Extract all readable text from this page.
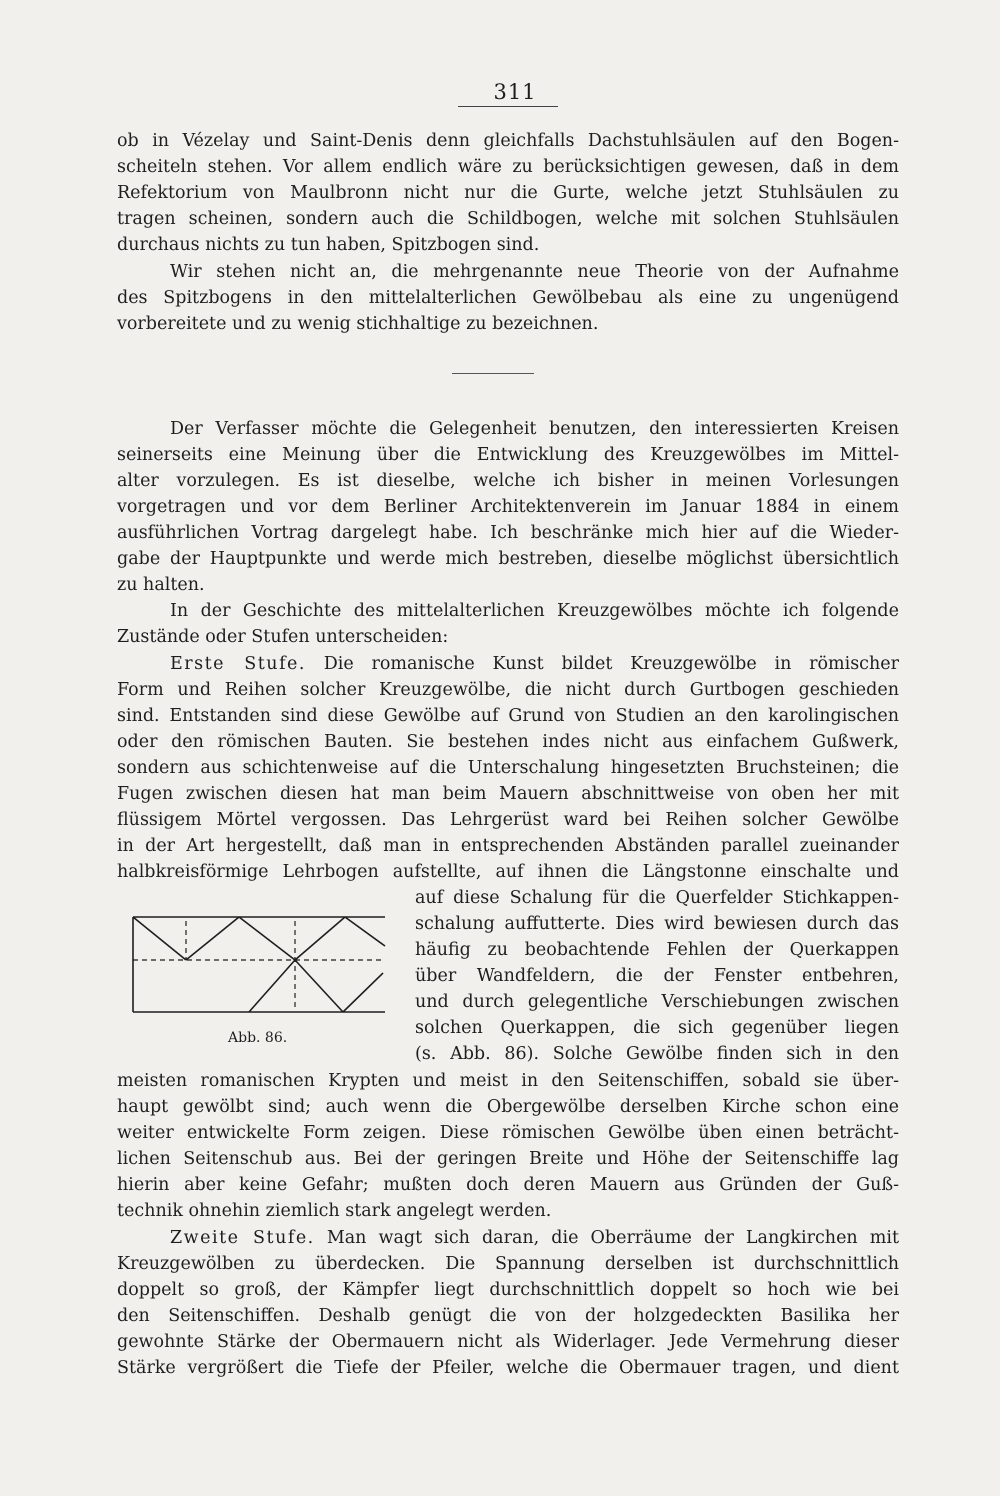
311
ob in Vézelay und Saint-Denis denn gleichfalls Dachstuhlsäulen auf den Bogen-
scheiteln stehen. Vor allem endlich wäre zu berücksichtigen gewesen, daß in dem
Refektorium von Maulbronn nicht nur die Gurte, welche jetzt Stuhlsäulen zu
tragen scheinen, sondern auch die Schildbogen, welche mit solchen Stuhlsäulen
durchaus nichts zu tun haben, Spitzbogen sind.
Wir stehen nicht an, die mehrgenannte neue Theorie von der Aufnahme
des Spitzbogens in den mittelalterlichen Gewölbebau als eine zu ungenügend
vorbereitete und zu wenig stichhaltige zu bezeichnen.
Der Verfasser möchte die Gelegenheit benutzen, den interessierten Kreisen
seinerseits eine Meinung über die Entwicklung des Kreuzgewölbes im Mittel-
alter vorzulegen. Es ist dieselbe, welche ich bisher in meinen Vorlesungen
vorgetragen und vor dem Berliner Architektenverein im Januar 1884 in einem
ausführlichen Vortrag dargelegt habe. Ich beschränke mich hier auf die Wieder-
gabe der Hauptpunkte und werde mich bestreben, dieselbe möglichst übersichtlich
zu halten.
In der Geschichte des mittelalterlichen Kreuzgewölbes möchte ich folgende
Zustände oder Stufen unterscheiden:
Erste Stufe. Die romanische Kunst bildet Kreuzgewölbe in römischer
Form und Reihen solcher Kreuzgewölbe, die nicht durch Gurtbogen geschieden
sind. Entstanden sind diese Gewölbe auf Grund von Studien an den karolingischen
oder den römischen Bauten. Sie bestehen indes nicht aus einfachem Gußwerk,
sondern aus schichtenweise auf die Unterschalung hingesetzten Bruchsteinen; die
Fugen zwischen diesen hat man beim Mauern abschnittweise von oben her mit
flüssigem Mörtel vergossen. Das Lehrgerüst ward bei Reihen solcher Gewölbe
in der Art hergestellt, daß man in entsprechenden Abständen parallel zueinander
halbkreisförmige Lehrbogen aufstellte, auf ihnen die Längstonne einschalte und
auf diese Schalung für die Querfelder Stichkappen-
schalung auffutterte. Dies wird bewiesen durch das
häufig zu beobachtende Fehlen der Querkappen
über Wandfeldern, die der Fenster entbehren,
und durch gelegentliche Verschiebungen zwischen
solchen Querkappen, die sich gegenüber liegen
(s. Abb. 86). Solche Gewölbe finden sich in den
Abb. 86.
meisten romanischen Krypten und meist in den Seitenschiffen, sobald sie über-
haupt gewölbt sind; auch wenn die Obergewölbe derselben Kirche schon eine
weiter entwickelte Form zeigen. Diese römischen Gewölbe üben einen beträcht-
lichen Seitenschub aus. Bei der geringen Breite und Höhe der Seitenschiffe lag
hierin aber keine Gefahr; mußten doch deren Mauern aus Gründen der Guß-
technik ohnehin ziemlich stark angelegt werden.
Zweite Stufe. Man wagt sich daran, die Oberräume der Langkirchen mit
Kreuzgewölben zu überdecken. Die Spannung derselben ist durchschnittlich
doppelt so groß, der Kämpfer liegt durchschnittlich doppelt so hoch wie bei
den Seitenschiffen. Deshalb genügt die von der holzgedeckten Basilika her
gewohnte Stärke der Obermauern nicht als Widerlager. Jede Vermehrung dieser
Stärke vergrößert die Tiefe der Pfeiler, welche die Obermauer tragen, und dient
